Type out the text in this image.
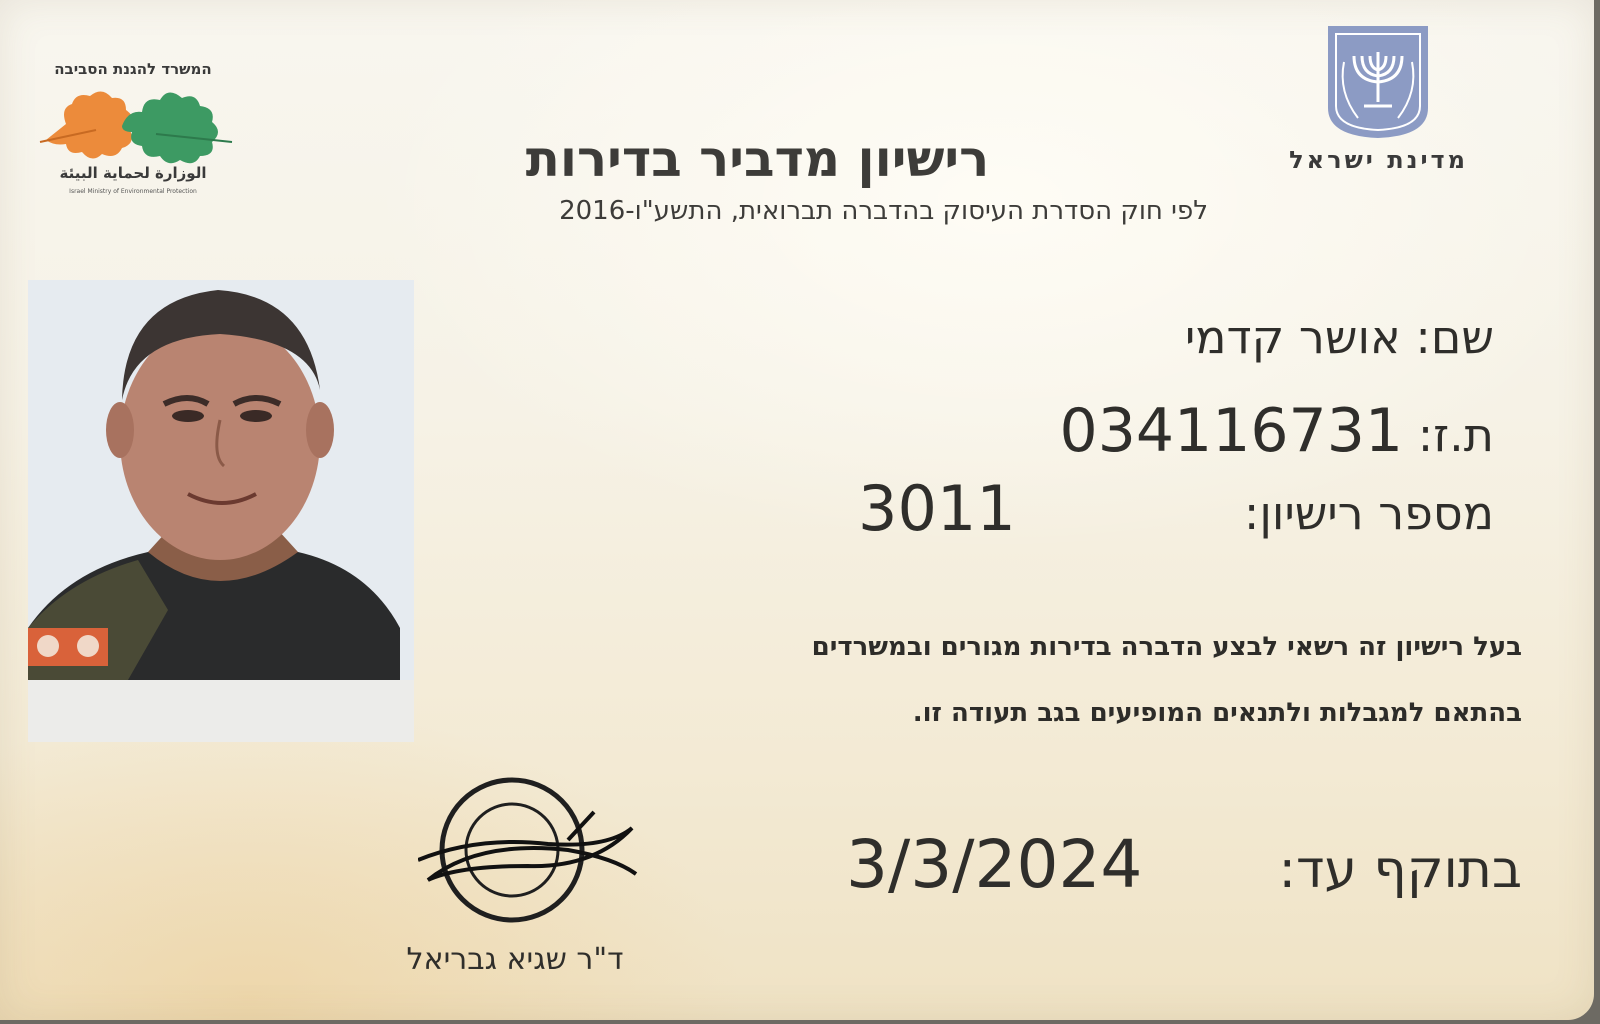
המשרד להגנת הסביבה
الوزارة لحماية البيئة
Israel Ministry of Environmental Protection
מדינת ישראל
רישיון מדביר בדירות
לפי חוק הסדרת העיסוק בהדברה תברואית, התשע"ו-2016
שם: אושר קדמי
ת.ז: 034116731
מספר רישיון:
3011
בעל רישיון זה רשאי לבצע הדברה בדירות מגורים ובמשרדים
בהתאם למגבלות ולתנאים המופיעים בגב תעודה זו.
בתוקף עד:
3/3/2024
ד"ר שגיא גבריאל
